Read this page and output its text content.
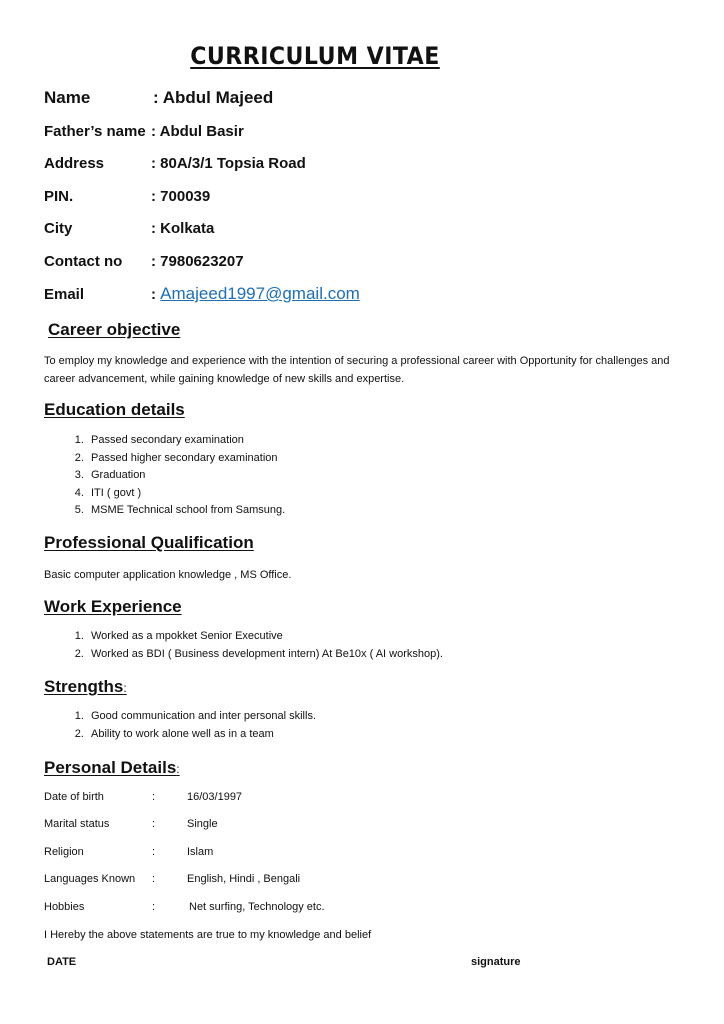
CURRICULUM VITAE
Name	: Abdul Majeed
Father’s name : Abdul Basir
Address	: 80A/3/1 Topsia Road
PIN.	: 700039
City	: Kolkata
Contact no : 7980623207
Email	: Amajeed1997@gmail.com
Career objective
To employ my knowledge and experience with the intention of securing a professional career with Opportunity for challenges and career advancement, while gaining knowledge of new skills and expertise.
Education details
1. Passed secondary examination
2. Passed higher secondary examination
3. Graduation
4. ITI ( govt )
5. MSME Technical school from Samsung.
Professional Qualification
Basic computer application knowledge , MS Office.
Work Experience
1. Worked as a mpokket Senior Executive
2. Worked as BDI ( Business development intern) At Be10x ( AI workshop).
Strengths:
1. Good communication and inter personal skills.
2. Ability to work alone well as in a team
Personal Details:
Date of birth	:	16/03/1997
Marital status	:	Single
Religion	:	Islam
Languages Known :	English, Hindi , Bengali
Hobbies	:	Net surfing, Technology etc.
I Hereby the above statements are true to my knowledge and belief
DATE	signature
